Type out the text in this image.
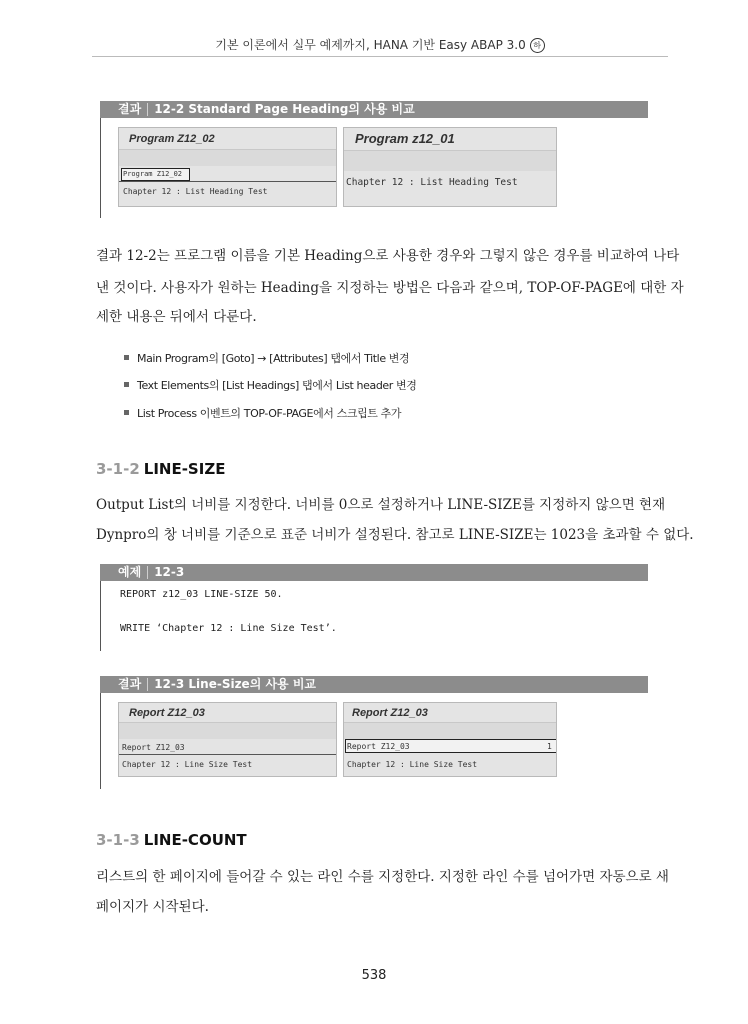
기본 이론에서 실무 예제까지, HANA 기반 Easy ABAP 3.0 하
결과 12-2 Standard Page Heading의 사용 비교
Program Z12_02
Program Z12_02
Chapter 12 : List Heading Test
Program z12_01
Chapter 12 : List Heading Test
결과 12-2는 프로그램 이름을 기본 Heading으로 사용한 경우와 그렇지 않은 경우를 비교하여 나타
낸 것이다. 사용자가 원하는 Heading을 지정하는 방법은 다음과 같으며, TOP-OF-PAGE에 대한 자
세한 내용은 뒤에서 다룬다.
Main Program의 [Goto] → [Attributes] 탭에서 Title 변경
Text Elements의 [List Headings] 탭에서 List header 변경
List Process 이벤트의 TOP-OF-PAGE에서 스크립트 추가
3-1-2 LINE-SIZE
Output List의 너비를 지정한다. 너비를 0으로 설정하거나 LINE-SIZE를 지정하지 않으면 현재
Dynpro의 창 너비를 기준으로 표준 너비가 설정된다. 참고로 LINE-SIZE는 1023을 초과할 수 없다.
예제 12-3
REPORT z12_03 LINE-SIZE 50.
WRITE ‘Chapter 12 : Line Size Test’.
결과 12-3 Line-Size의 사용 비교
Report Z12_03
Report Z12_03
Chapter 12 : Line Size Test
Report Z12_03
Report Z12_03	1
Chapter 12 : Line Size Test
3-1-3 LINE-COUNT
리스트의 한 페이지에 들어갈 수 있는 라인 수를 지정한다. 지정한 라인 수를 넘어가면 자동으로 새
페이지가 시작된다.
538
